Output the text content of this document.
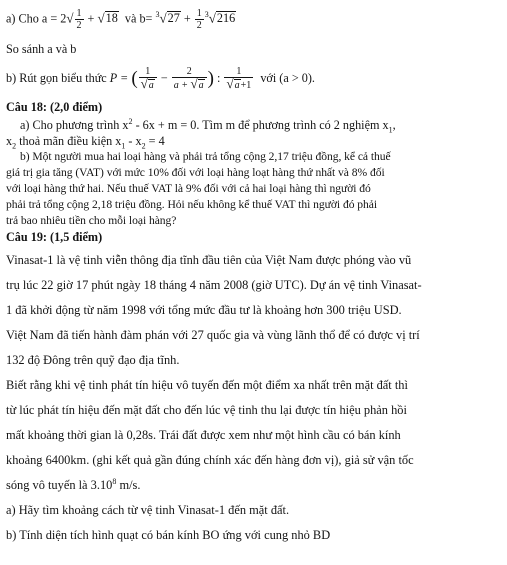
a) Cho $a = 2√ \frac{1}{2} + √18$ và $b= ^3√27 + \frac{1}{2} ^3√216$
So sánh a và b
b) Rút gọn biểu thức P = ( $\frac{1}{√a} - \frac{2}{a + √a}$ ) : $\frac{1}{√a+1}$ với (a > 0).
Câu 18: (2,0 điểm)
a) Cho phương trình $x^2 - 6x + m = 0$. Tìm m để phương trình có 2 nghiệm $x_1$,
$x_2$ thoả mãn điều kiện $x_1 - x_2 = 4$
b) Một người mua hai loại hàng và phải trả tổng cộng 2,17 triệu đồng, kể cả thuế
giá trị gia tăng (VAT) với mức 10% đối với loại hàng loạt hàng thứ nhất và 8% đối
với loại hàng thứ hai. Nếu thuế VAT là 9% đối với cả hai loại hàng thì người đó
phải trả tổng cộng 2,18 triệu đồng. Hỏi nếu không kể thuế VAT thì người đó phải
trả bao nhiêu tiền cho mỗi loại hàng?
Câu 19: (1,5 điểm)
Vinasat-1 là vệ tinh viễn thông địa tĩnh đầu tiên của Việt Nam được phóng vào vũ
trụ lúc 22 giờ 17 phút ngày 18 tháng 4 năm 2008 (giờ UTC). Dự án vệ tinh Vinasat-
1 đã khởi động từ năm 1998 với tổng mức đầu tư là khoảng hơn 300 triệu USD.
Việt Nam đã tiến hành đàm phán với 27 quốc gia và vùng lãnh thổ để có được vị trí
132 độ Đông trên quỹ đạo địa tĩnh.
Biết rằng khi vệ tinh phát tín hiệu vô tuyến đến một điểm xa nhất trên mặt đất thì
từ lúc phát tín hiệu đến mặt đất cho đến lúc vệ tinh thu lại được tín hiệu phản hồi
mất khoảng thời gian là 0,28s. Trái đất được xem như một hình cầu có bán kính
khoảng 6400km. (ghi kết quả gần đúng chính xác đến hàng đơn vị), giả sử vận tốc
sóng vô tuyến là 3.10$^8$ m/s.
a) Hãy tìm khoảng cách từ vệ tinh Vinasat-1 đến mặt đất.
b) Tính diện tích hình quạt có bán kính BO ứng với cung nhỏ BD
